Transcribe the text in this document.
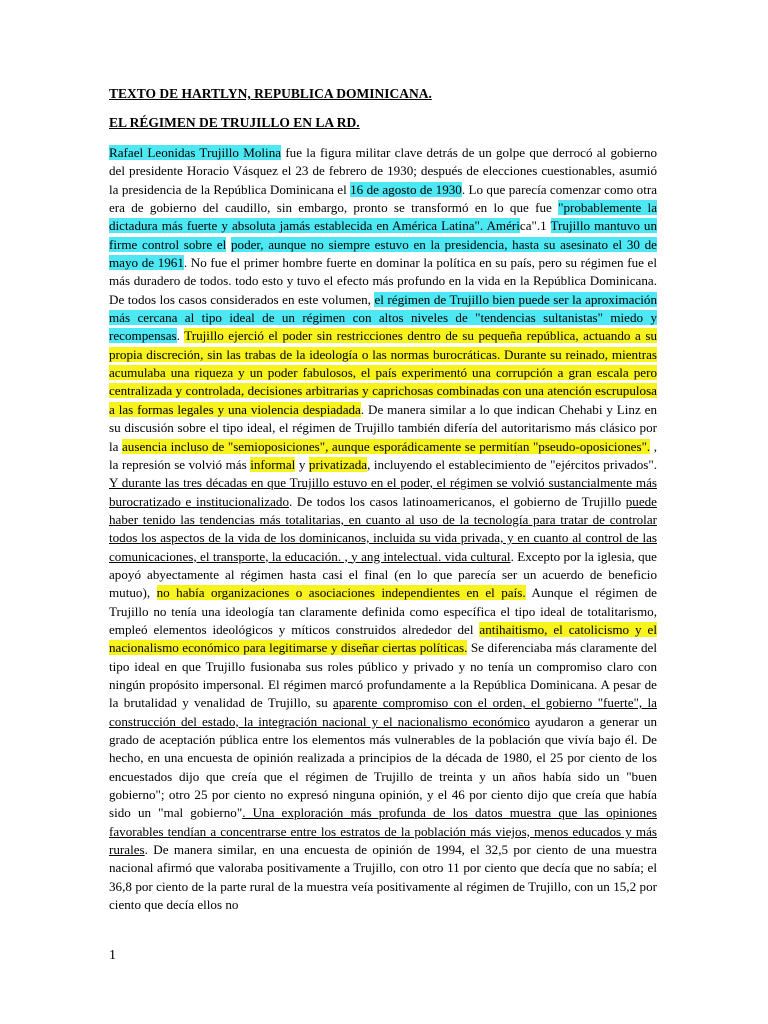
TEXTO DE HARTLYN, REPUBLICA DOMINICANA.
EL RÉGIMEN DE TRUJILLO EN LA RD.
Rafael Leonidas Trujillo Molina fue la figura militar clave detrás de un golpe que derrocó al gobierno del presidente Horacio Vásquez el 23 de febrero de 1930; después de elecciones cuestionables, asumió la presidencia de la República Dominicana el 16 de agosto de 1930. Lo que parecía comenzar como otra era de gobierno del caudillo, sin embargo, pronto se transformó en lo que fue "probablemente la dictadura más fuerte y absoluta jamás establecida en América Latina". América".1 Trujillo mantuvo un firme control sobre el poder, aunque no siempre estuvo en la presidencia, hasta su asesinato el 30 de mayo de 1961. No fue el primer hombre fuerte en dominar la política en su país, pero su régimen fue el más duradero de todos. todo esto y tuvo el efecto más profundo en la vida en la República Dominicana. De todos los casos considerados en este volumen, el régimen de Trujillo bien puede ser la aproximación más cercana al tipo ideal de un régimen con altos niveles de "tendencias sultanistas" miedo y recompensas. Trujillo ejerció el poder sin restricciones dentro de su pequeña república, actuando a su propia discreción, sin las trabas de la ideología o las normas burocráticas. Durante su reinado, mientras acumulaba una riqueza y un poder fabulosos, el país experimentó una corrupción a gran escala pero centralizada y controlada, decisiones arbitrarias y caprichosas combinadas con una atención escrupulosa a las formas legales y una violencia despiadada. De manera similar a lo que indican Chehabi y Linz en su discusión sobre el tipo ideal, el régimen de Trujillo también difería del autoritarismo más clásico por la ausencia incluso de "semioposiciones", aunque esporádicamente se permitían "pseudo-oposiciones". , la represión se volvió más informal y privatizada, incluyendo el establecimiento de "ejércitos privados". Y durante las tres décadas en que Trujillo estuvo en el poder, el régimen se volvió sustancialmente más burocratizado e institucionalizado. De todos los casos latinoamericanos, el gobierno de Trujillo puede haber tenido las tendencias más totalitarias, en cuanto al uso de la tecnología para tratar de controlar todos los aspectos de la vida de los dominicanos, incluida su vida privada, y en cuanto al control de las comunicaciones, el transporte, la educación. , y ang intelectual. vida cultural. Excepto por la iglesia, que apoyó abyectamente al régimen hasta casi el final (en lo que parecía ser un acuerdo de beneficio mutuo), no había organizaciones o asociaciones independientes en el país. Aunque el régimen de Trujillo no tenía una ideología tan claramente definida como específica el tipo ideal de totalitarismo, empleó elementos ideológicos y míticos construidos alrededor del antihaitismo, el catolicismo y el nacionalismo económico para legitimarse y diseñar ciertas políticas. Se diferenciaba más claramente del tipo ideal en que Trujillo fusionaba sus roles público y privado y no tenía un compromiso claro con ningún propósito impersonal. El régimen marcó profundamente a la República Dominicana. A pesar de la brutalidad y venalidad de Trujillo, su aparente compromiso con el orden, el gobierno "fuerte", la construcción del estado, la integración nacional y el nacionalismo económico ayudaron a generar un grado de aceptación pública entre los elementos más vulnerables de la población que vivía bajo él. De hecho, en una encuesta de opinión realizada a principios de la década de 1980, el 25 por ciento de los encuestados dijo que creía que el régimen de Trujillo de treinta y un años había sido un "buen gobierno"; otro 25 por ciento no expresó ninguna opinión, y el 46 por ciento dijo que creía que había sido un "mal gobierno". Una exploración más profunda de los datos muestra que las opiniones favorables tendían a concentrarse entre los estratos de la población más viejos, menos educados y más rurales. De manera similar, en una encuesta de opinión de 1994, el 32,5 por ciento de una muestra nacional afirmó que valoraba positivamente a Trujillo, con otro 11 por ciento que decía que no sabía; el 36,8 por ciento de la parte rural de la muestra veía positivamente al régimen de Trujillo, con un 15,2 por ciento que decía ellos no
1
